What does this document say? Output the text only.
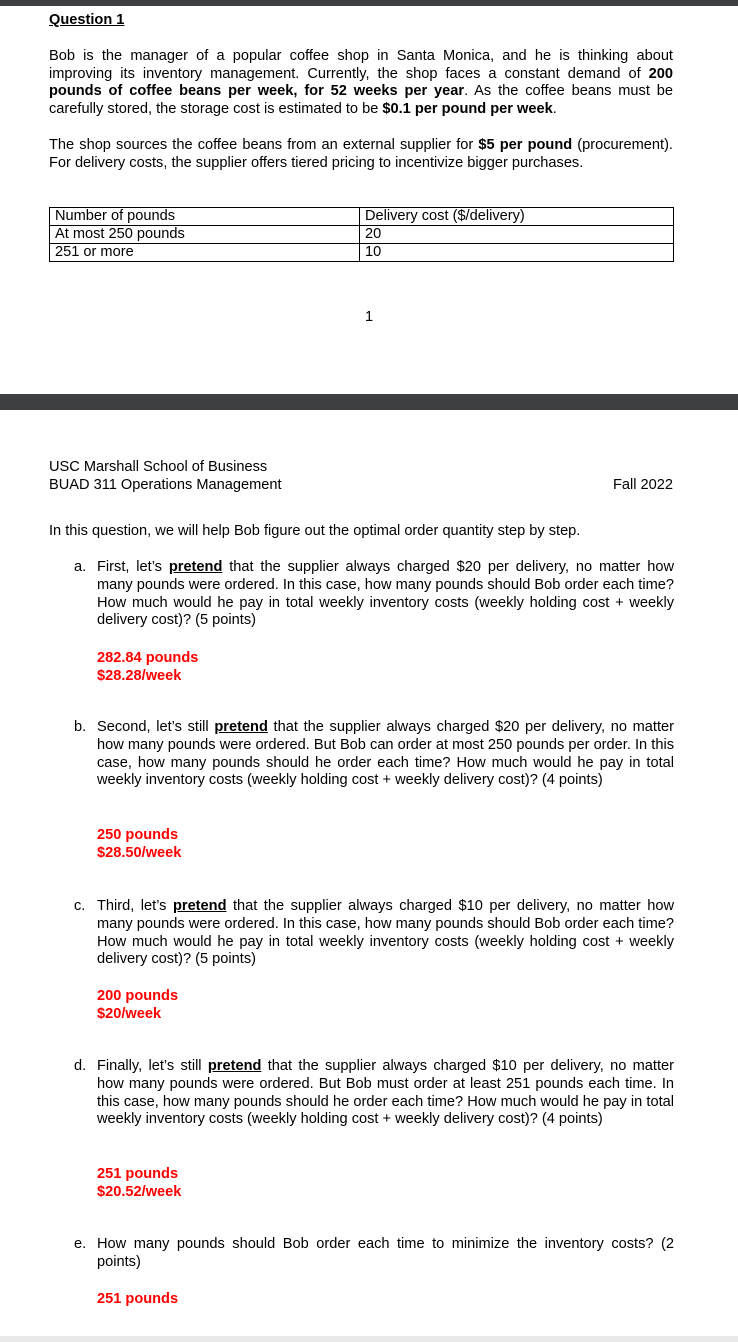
Question 1
Bob is the manager of a popular coffee shop in Santa Monica, and he is thinking about improving its inventory management. Currently, the shop faces a constant demand of 200 pounds of coffee beans per week, for 52 weeks per year. As the coffee beans must be carefully stored, the storage cost is estimated to be $0.1 per pound per week.
The shop sources the coffee beans from an external supplier for $5 per pound (procurement). For delivery costs, the supplier offers tiered pricing to incentivize bigger purchases.
Number of pounds	Delivery cost ($/delivery)
At most 250 pounds	20
251 or more	10
1
USC Marshall School of Business
BUAD 311 Operations Management	Fall 2022
In this question, we will help Bob figure out the optimal order quantity step by step.
a. First, let’s pretend that the supplier always charged $20 per delivery, no matter how many pounds were ordered. In this case, how many pounds should Bob order each time? How much would he pay in total weekly inventory costs (weekly holding cost + weekly delivery cost)? (5 points)
282.84 pounds
$28.28/week
b. Second, let’s still pretend that the supplier always charged $20 per delivery, no matter how many pounds were ordered. But Bob can order at most 250 pounds per order. In this case, how many pounds should he order each time? How much would he pay in total weekly inventory costs (weekly holding cost + weekly delivery cost)? (4 points)
250 pounds
$28.50/week
c. Third, let’s pretend that the supplier always charged $10 per delivery, no matter how many pounds were ordered. In this case, how many pounds should Bob order each time? How much would he pay in total weekly inventory costs (weekly holding cost + weekly delivery cost)? (5 points)
200 pounds
$20/week
d. Finally, let’s still pretend that the supplier always charged $10 per delivery, no matter how many pounds were ordered. But Bob must order at least 251 pounds each time. In this case, how many pounds should he order each time? How much would he pay in total weekly inventory costs (weekly holding cost + weekly delivery cost)? (4 points)
251 pounds
$20.52/week
e. How many pounds should Bob order each time to minimize the inventory costs? (2 points)
251 pounds
